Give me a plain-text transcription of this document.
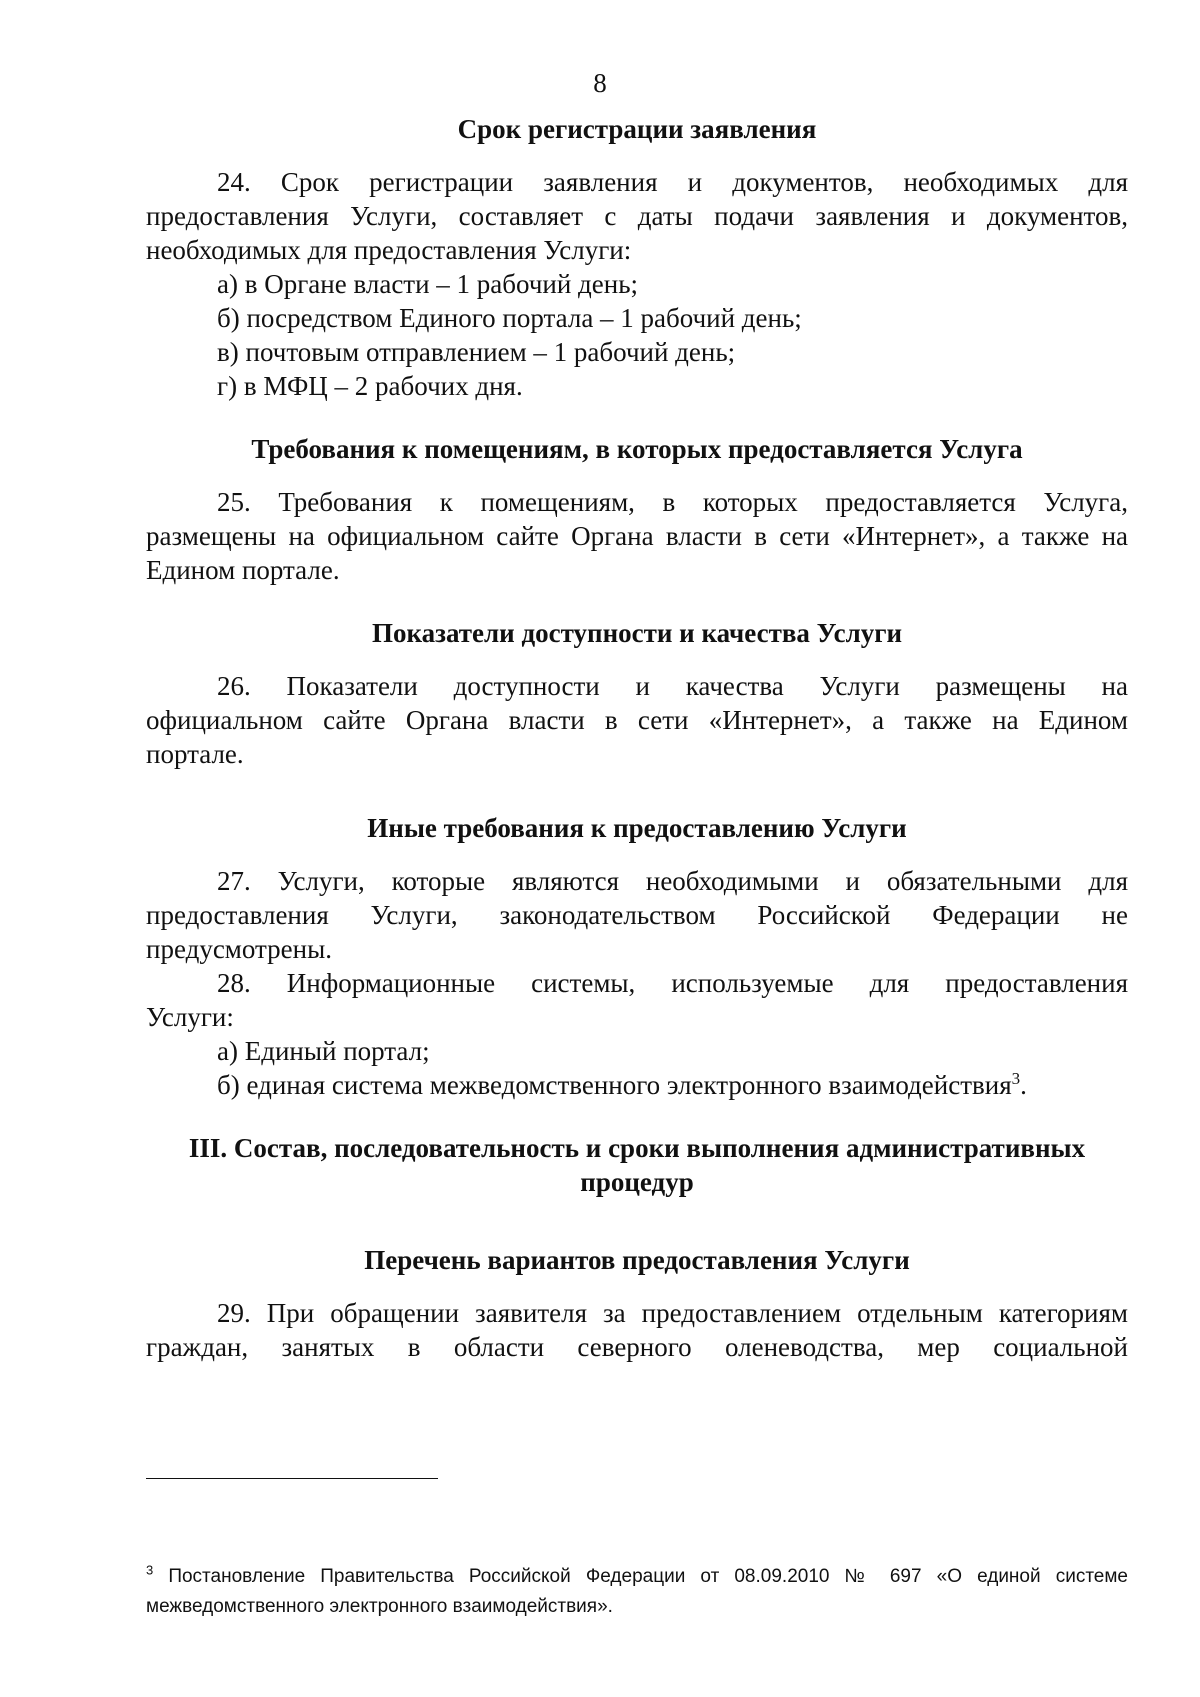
8
Срок регистрации заявления
24. Срок регистрации заявления и документов, необходимых для
предоставления Услуги, составляет с даты подачи заявления и документов,
необходимых для предоставления Услуги:
а) в Органе власти – 1 рабочий день;
б) посредством Единого портала – 1 рабочий день;
в) почтовым отправлением – 1 рабочий день;
г) в МФЦ – 2 рабочих дня.
Требования к помещениям, в которых предоставляется Услуга
25. Требования к помещениям, в которых предоставляется Услуга,
размещены на официальном сайте Органа власти в сети «Интернет», а также на
Едином портале.
Показатели доступности и качества Услуги
26. Показатели доступности и качества Услуги размещены на
официальном сайте Органа власти в сети «Интернет», а также на Едином
портале.
Иные требования к предоставлению Услуги
27. Услуги, которые являются необходимыми и обязательными для
предоставления Услуги, законодательством Российской Федерации не
предусмотрены.
28. Информационные системы, используемые для предоставления
Услуги:
а) Единый портал;
б) единая система межведомственного электронного взаимодействия$^3$.
III. Состав, последовательность и сроки выполнения административных
процедур
Перечень вариантов предоставления Услуги
29. При обращении заявителя за предоставлением отдельным категориям
граждан, занятых в области северного оленеводства, мер социальной
$^3$ Постановление Правительства Российской Федерации от 08.09.2010 № 697 «О единой системе межведомственного электронного взаимодействия».
